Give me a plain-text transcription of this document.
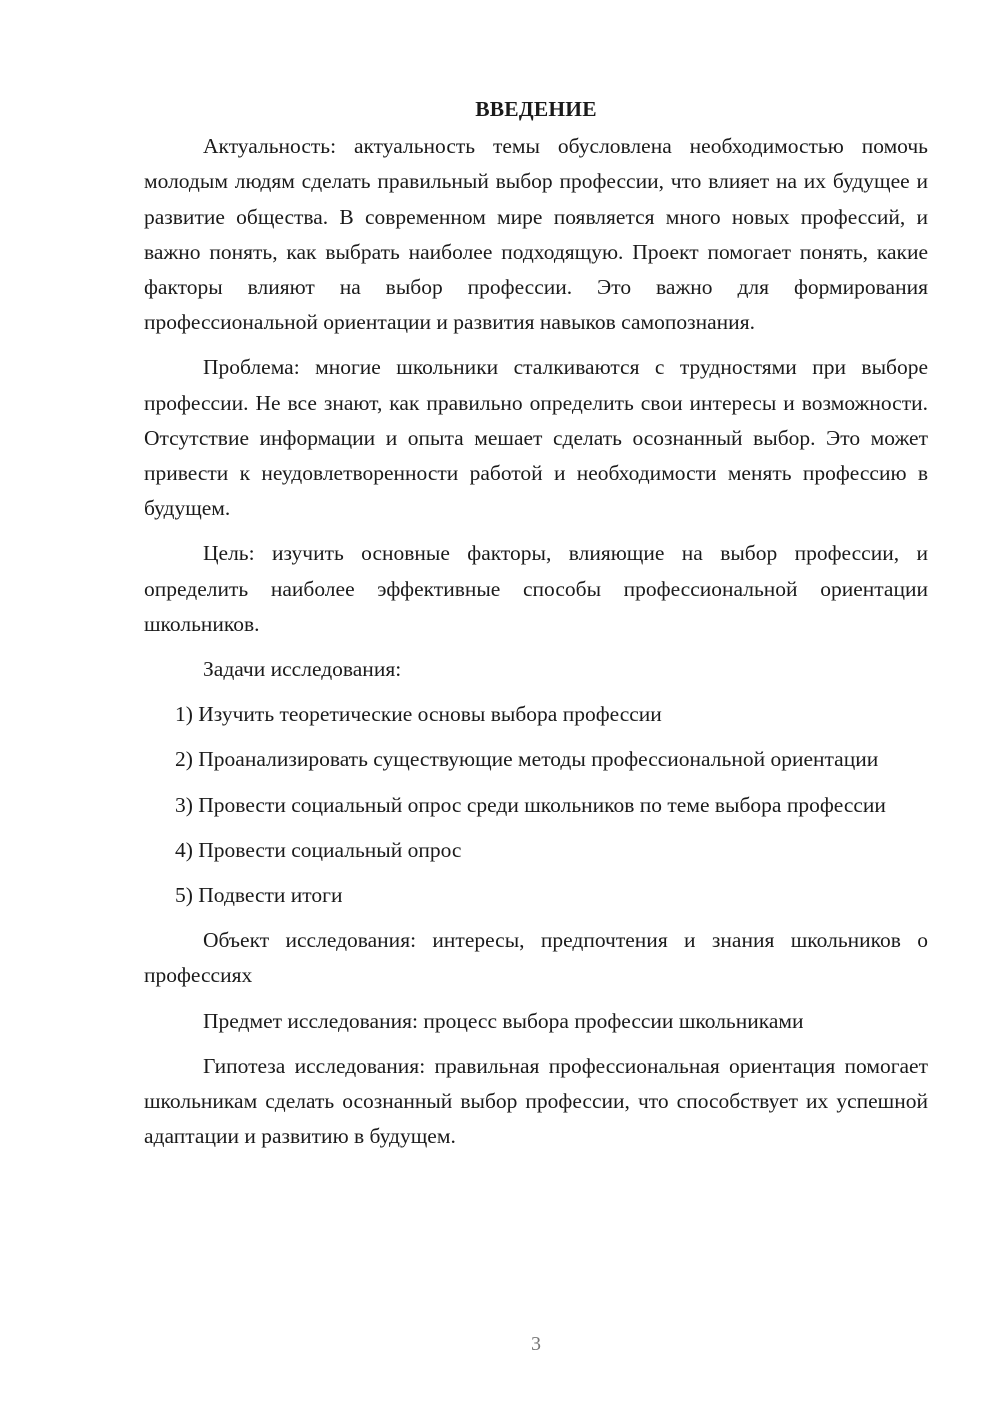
ВВЕДЕНИЕ
Актуальность: актуальность темы обусловлена необходимостью помочь молодым людям сделать правильный выбор профессии, что влияет на их будущее и развитие общества. В современном мире появляется много новых профессий, и важно понять, как выбрать наиболее подходящую. Проект помогает понять, какие факторы влияют на выбор профессии. Это важно для формирования профессиональной ориентации и развития навыков самопознания.
Проблема: многие школьники сталкиваются с трудностями при выборе профессии. Не все знают, как правильно определить свои интересы и возможности. Отсутствие информации и опыта мешает сделать осознанный выбор. Это может привести к неудовлетворенности работой и необходимости менять профессию в будущем.
Цель: изучить основные факторы, влияющие на выбор профессии, и определить наиболее эффективные способы профессиональной ориентации школьников.
Задачи исследования:
1) Изучить теоретические основы выбора профессии
2) Проанализировать существующие методы профессиональной ориентации
3) Провести социальный опрос среди школьников по теме выбора профессии
4) Провести социальный опрос
5) Подвести итоги
Объект исследования: интересы, предпочтения и знания школьников о профессиях
Предмет исследования: процесс выбора профессии школьниками
Гипотеза исследования: правильная профессиональная ориентация помогает школьникам сделать осознанный выбор профессии, что способствует их успешной адаптации и развитию в будущем.
3
